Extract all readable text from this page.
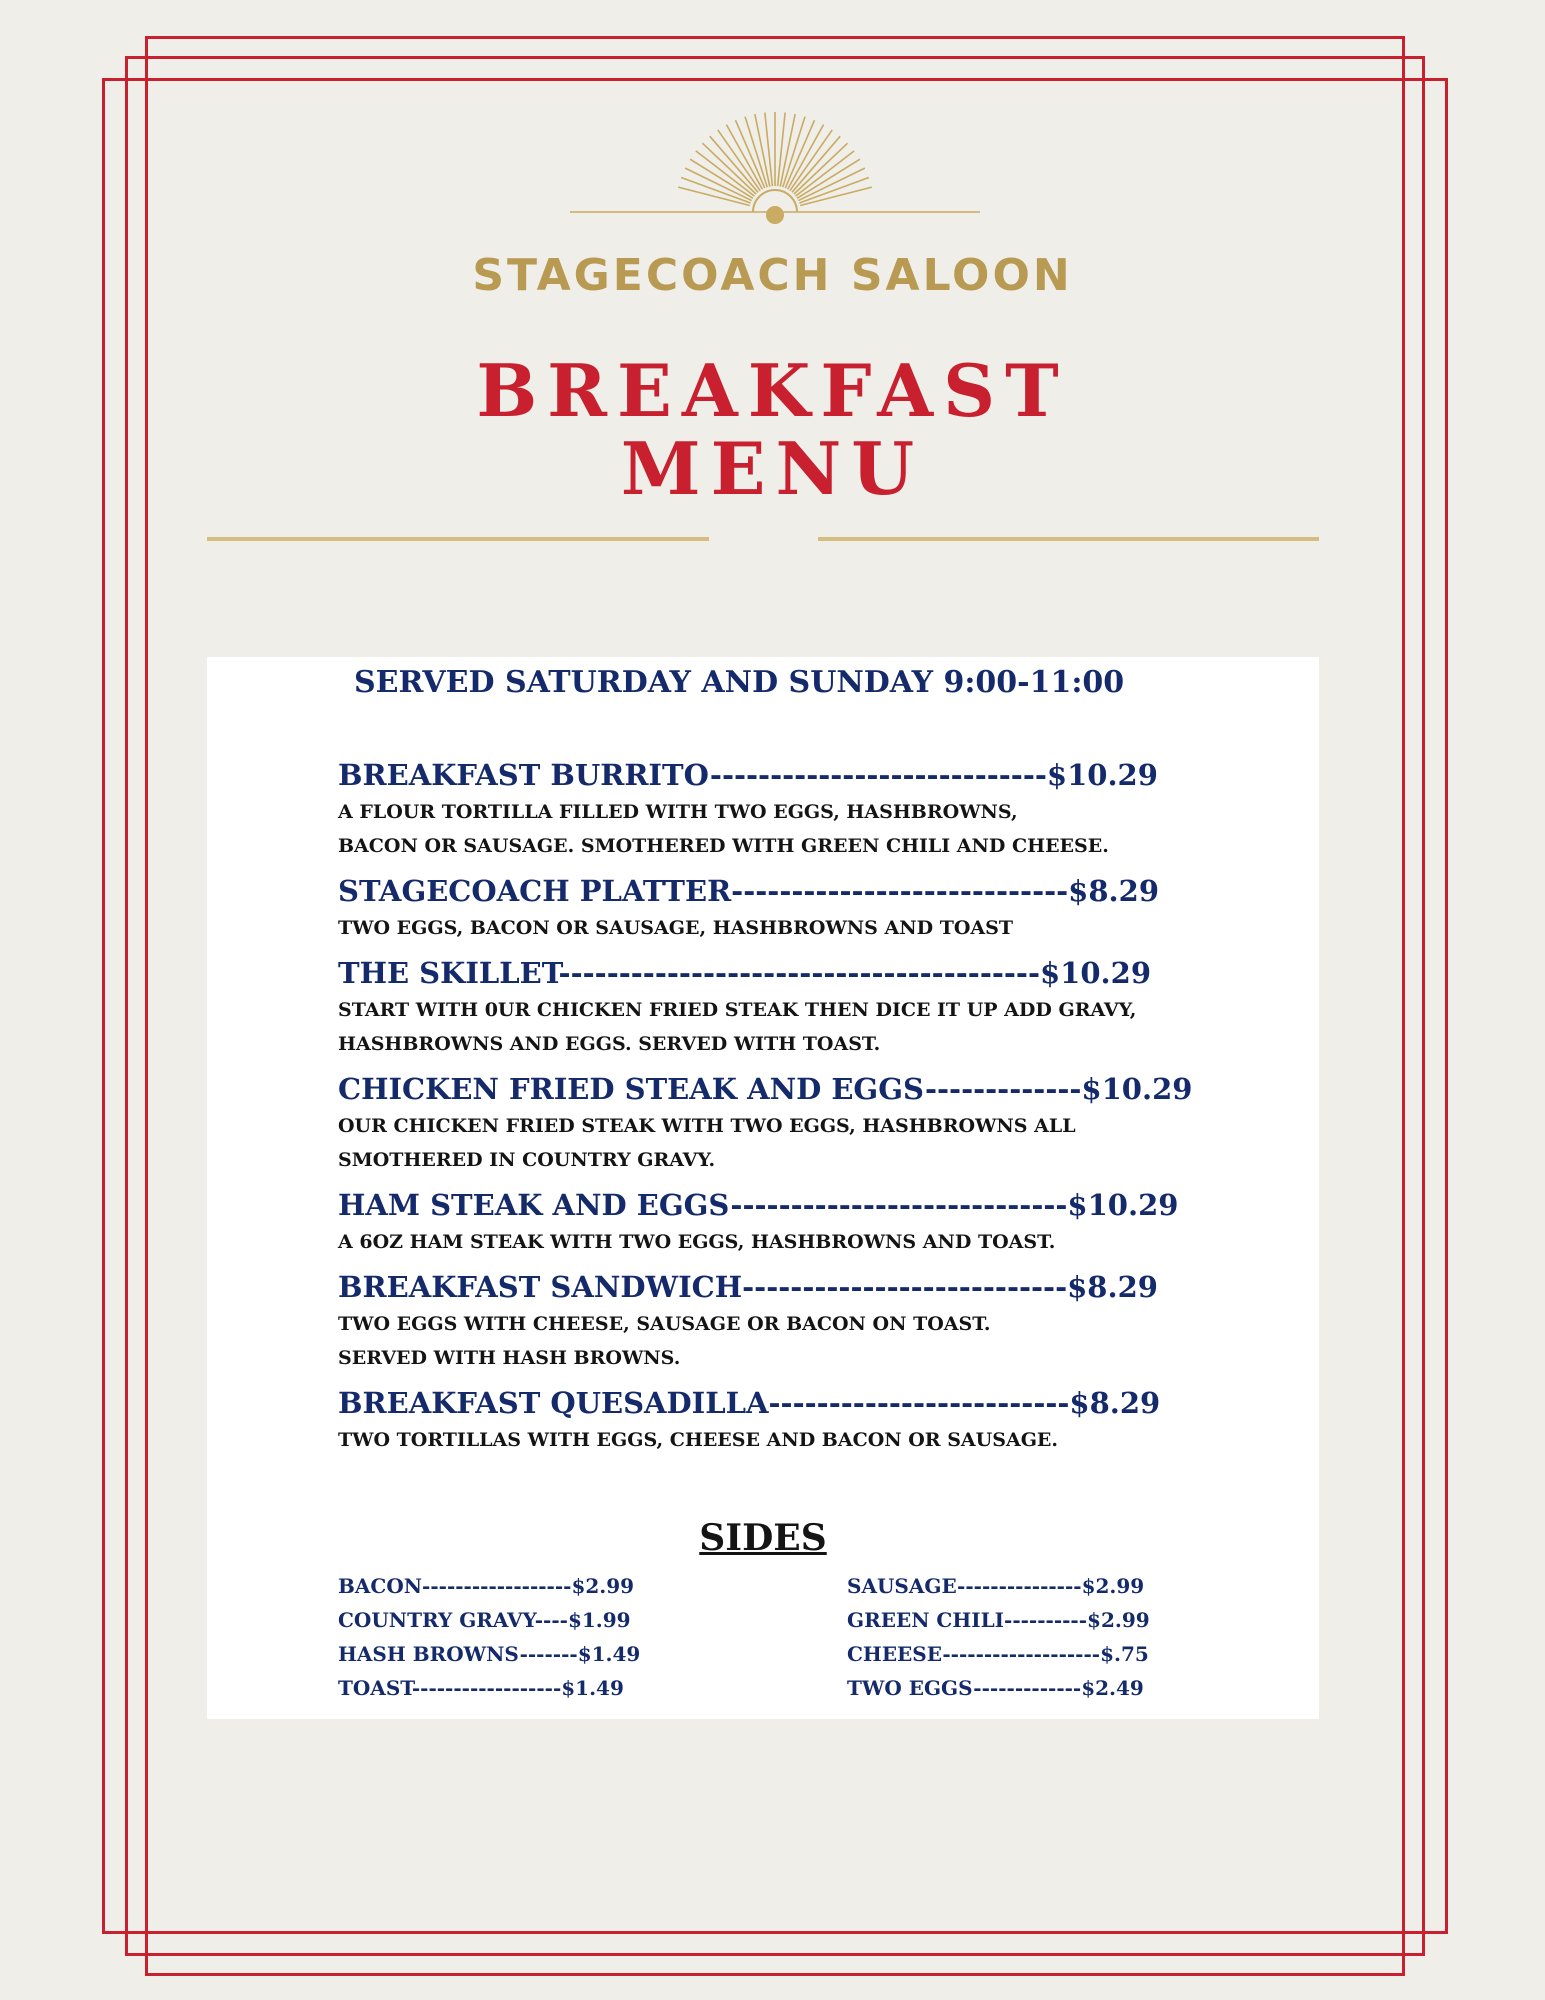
STAGECOACH SALOON
BREAKFAST
MENU

SERVED SATURDAY AND SUNDAY 9:00-11:00

BREAKFAST BURRITO----------------------------$10.29
A FLOUR TORTILLA FILLED WITH TWO EGGS, HASHBROWNS,
BACON OR SAUSAGE. SMOTHERED WITH GREEN CHILI AND CHEESE.
STAGECOACH PLATTER----------------------------$8.29
TWO EGGS, BACON OR SAUSAGE, HASHBROWNS AND TOAST
THE SKILLET----------------------------------------$10.29
START WITH 0UR CHICKEN FRIED STEAK THEN DICE IT UP ADD GRAVY,
HASHBROWNS AND EGGS. SERVED WITH TOAST.
CHICKEN FRIED STEAK AND EGGS-------------$10.29
OUR CHICKEN FRIED STEAK WITH TWO EGGS, HASHBROWNS ALL
SMOTHERED IN COUNTRY GRAVY.
HAM STEAK AND EGGS----------------------------$10.29
A 6OZ HAM STEAK WITH TWO EGGS, HASHBROWNS AND TOAST.
BREAKFAST SANDWICH---------------------------$8.29
TWO EGGS WITH CHEESE, SAUSAGE OR BACON ON TOAST.
SERVED WITH HASH BROWNS.
BREAKFAST QUESADILLA-------------------------$8.29
TWO TORTILLAS WITH EGGS, CHEESE AND BACON OR SAUSAGE.
SIDES
BACON------------------$2.99
COUNTRY GRAVY----$1.99
HASH BROWNS-------$1.49
TOAST------------------$1.49
SAUSAGE---------------$2.99
GREEN CHILI----------$2.99
CHEESE-------------------$.75
TWO EGGS-------------$2.49
